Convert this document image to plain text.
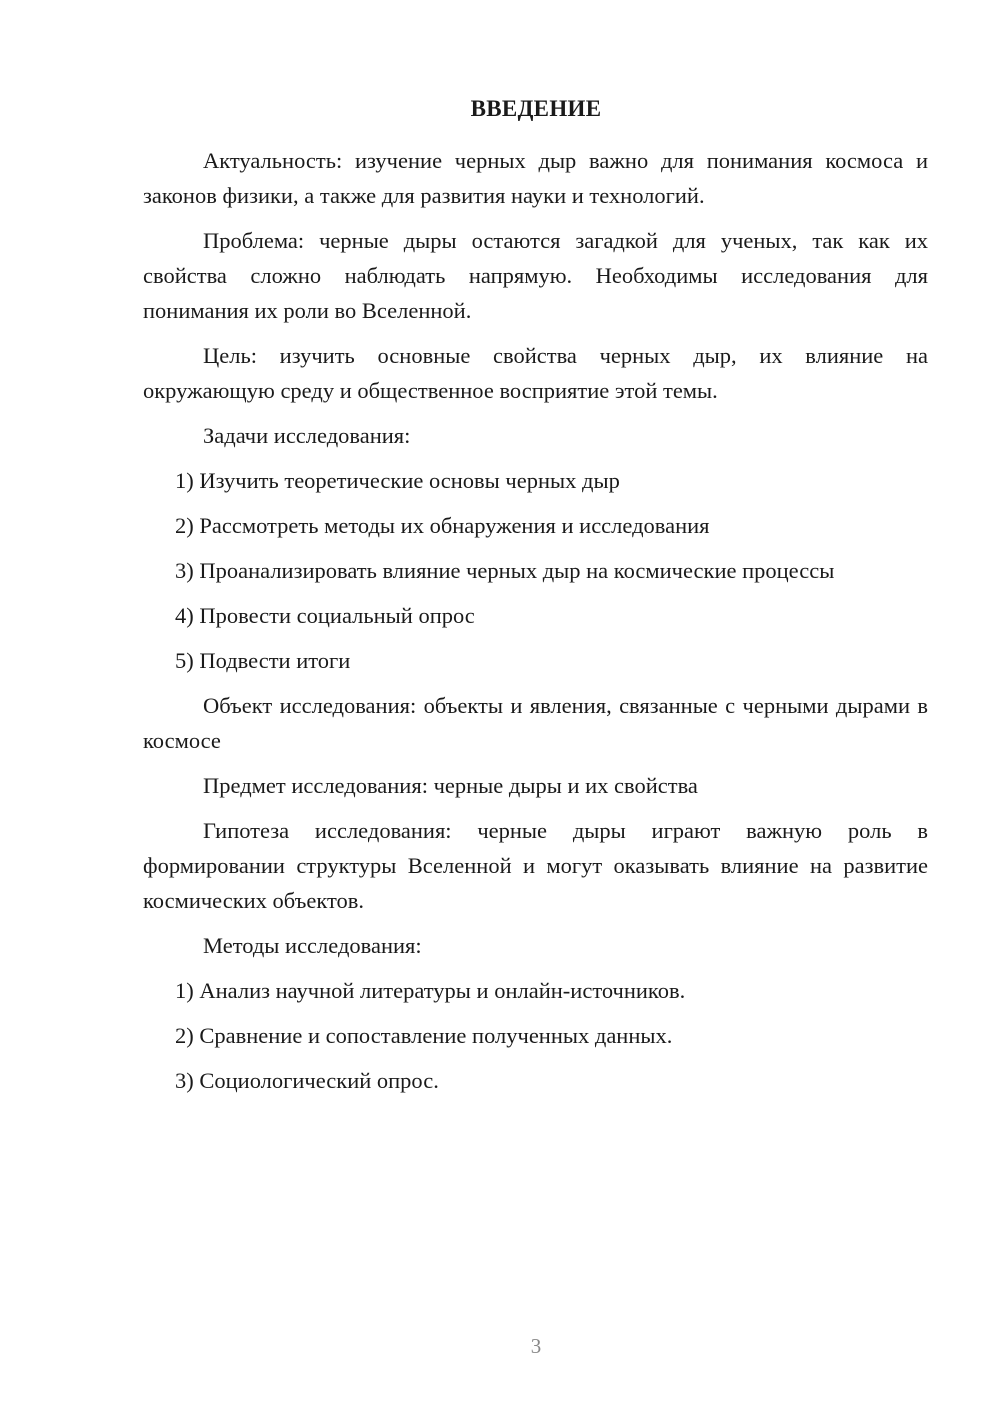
ВВЕДЕНИЕ

Актуальность: изучение черных дыр важно для понимания космоса и законов физики, а также для развития науки и технологий.

Проблема: черные дыры остаются загадкой для ученых, так как их свойства сложно наблюдать напрямую. Необходимы исследования для понимания их роли во Вселенной.

Цель: изучить основные свойства черных дыр, их влияние на окружающую среду и общественное восприятие этой темы.

Задачи исследования:

1) Изучить теоретические основы черных дыр
2) Рассмотреть методы их обнаружения и исследования
3) Проанализировать влияние черных дыр на космические процессы
4) Провести социальный опрос
5) Подвести итоги

Объект исследования: объекты и явления, связанные с черными дырами в космосе

Предмет исследования: черные дыры и их свойства

Гипотеза исследования: черные дыры играют важную роль в формировании структуры Вселенной и могут оказывать влияние на развитие космических объектов.

Методы исследования:

1) Анализ научной литературы и онлайн-источников.
2) Сравнение и сопоставление полученных данных.
3) Социологический опрос.
3
